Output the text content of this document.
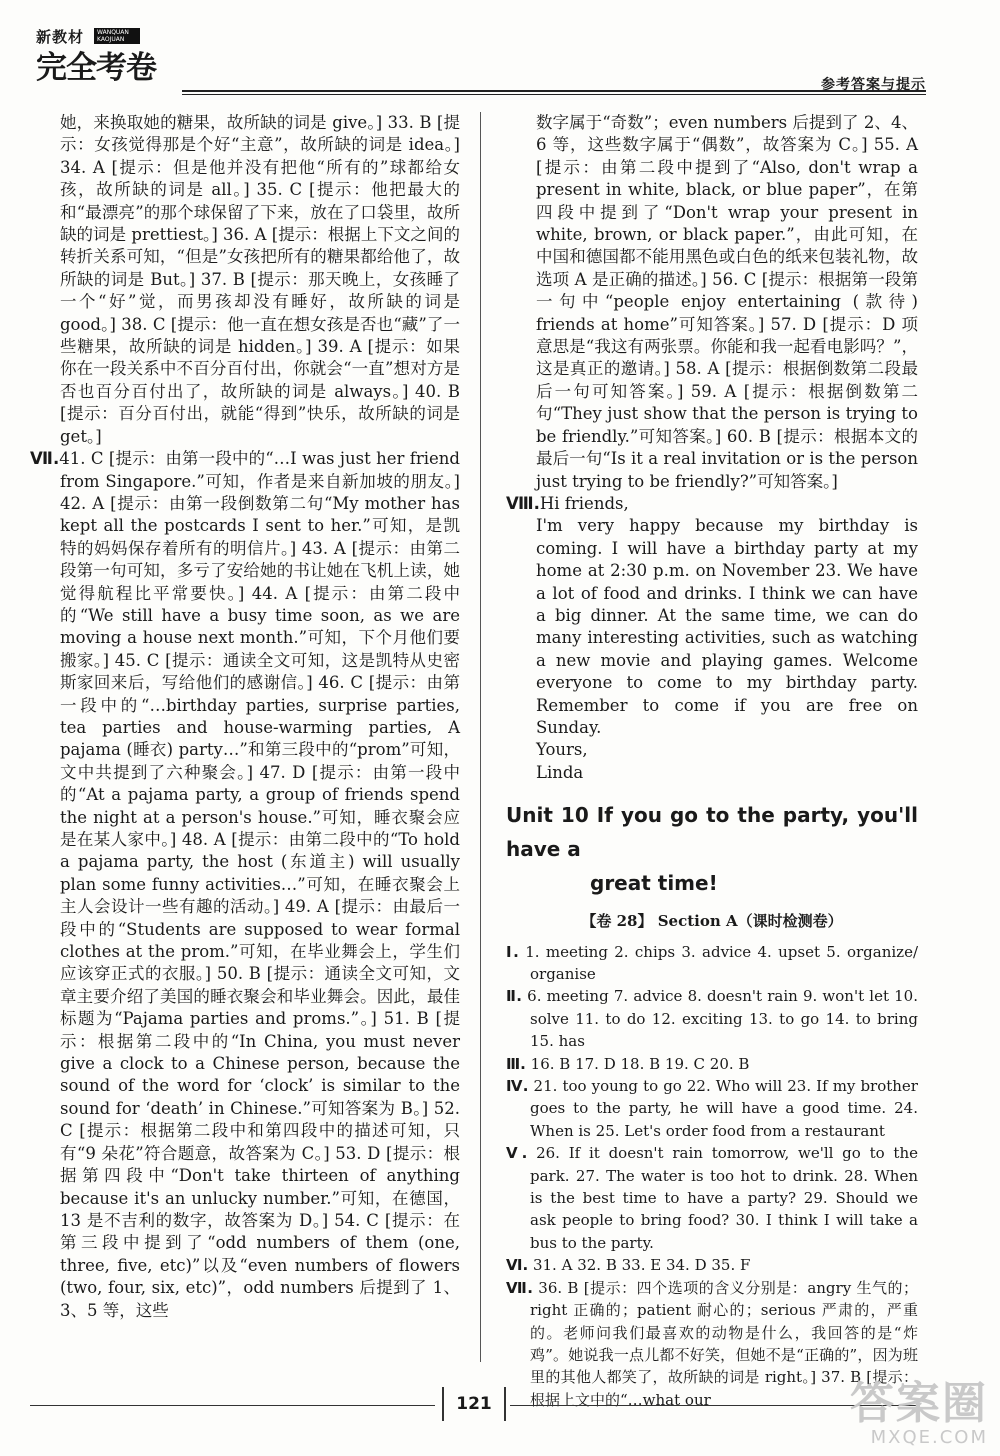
新教材	WANQUAN KAOJUAN
完全考卷	参考答案与提示

她，来换取她的糖果，故所缺的词是 give。] 33. B [提示：女孩觉得那是个好“主意”，故所缺的词是 idea。] 34. A [提示：但是他并没有把他“所有的”球都给女孩，故所缺的词是 all。] 35. C [提示：他把最大的和“最漂亮”的那个球保留了下来，放在了口袋里，故所缺的词是 prettiest。] 36. A [提示：根据上下文之间的转折关系可知，“但是”女孩把所有的糖果都给他了，故所缺的词是 But。] 37. B [提示：那天晚上，女孩睡了一个“好”觉，而男孩却没有睡好，故所缺的词是 good。] 38. C [提示：他一直在想女孩是否也“藏”了一些糖果，故所缺的词是 hidden。] 39. A [提示：如果你在一段关系中不百分百付出，你就会“一直”想对方是否也百分百付出了，故所缺的词是 always。] 40. B [提示：百分百付出，就能“得到”快乐，故所缺的词是 get。]

Ⅶ.41. C [提示：由第一段中的“…I was just her friend from Singapore.”可知，作者是来自新加坡的朋友。] 42. A [提示：由第一段倒数第二句“My mother has kept all the postcards I sent to her.”可知，是凯特的妈妈保存着所有的明信片。] 43. A [提示：由第二段第一句可知，多亏了安给她的书让她在飞机上读，她觉得航程比平常要快。] 44. A [提示：由第二段中的“We still have a busy time soon, as we are moving a house next month.”可知，下个月他们要搬家。] 45. C [提示：通读全文可知，这是凯特从史密斯家回来后，写给他们的感谢信。] 46. C [提示：由第一段中的“…birthday parties, surprise parties, tea parties and house-warming parties, A pajama (睡衣) party…”和第三段中的“prom”可知，文中共提到了六种聚会。] 47. D [提示：由第一段中的“At a pajama party, a group of friends spend the night at a person's house.”可知，睡衣聚会应是在某人家中。] 48. A [提示：由第二段中的“To hold a pajama party, the host (东道主) will usually plan some funny activities…”可知，在睡衣聚会上主人会设计一些有趣的活动。] 49. A [提示：由最后一段中的“Students are supposed to wear formal clothes at the prom.”可知，在毕业舞会上，学生们应该穿正式的衣服。] 50. B [提示：通读全文可知，文章主要介绍了美国的睡衣聚会和毕业舞会。因此，最佳标题为“Pajama parties and proms.”。] 51. B [提示：根据第二段中的“In China, you must never give a clock to a Chinese person, because the sound of the word for ‘clock’ is similar to the sound for ‘death’ in Chinese.”可知答案为 B。] 52. C [提示：根据第二段中和第四段中的描述可知，只有“9 朵花”符合题意，故答案为 C。] 53. D [提示：根据第四段中“Don't take thirteen of anything because it's an unlucky number.”可知，在德国，13 是不吉利的数字，故答案为 D。] 54. C [提示：在第三段中提到了“odd numbers of them (one, three, five, etc)”以及“even numbers of flowers (two, four, six, etc)”，odd numbers 后提到了 1、3、5 等，这些

数字属于“奇数”；even numbers 后提到了 2、4、6 等，这些数字属于“偶数”，故答案为 C。] 55. A [提示：由第二段中提到了“Also, don't wrap a present in white, black, or blue paper”，在第四段中提到了“Don't wrap your present in white, brown, or black paper.”，由此可知，在中国和德国都不能用黑色或白色的纸来包装礼物，故选项 A 是正确的描述。] 56. C [提示：根据第一段第一句中“people enjoy entertaining (款待) friends at home”可知答案。] 57. D [提示：D 项意思是“我这有两张票。你能和我一起看电影吗？”，这是真正的邀请。] 58. A [提示：根据倒数第二段最后一句可知答案。] 59. A [提示：根据倒数第二句“They just show that the person is trying to be friendly.”可知答案。] 60. B [提示：根据本文的最后一句“Is it a real invitation or is the person just trying to be friendly?”可知答案。]

Ⅷ.Hi friends,

I'm very happy because my birthday is coming. I will have a birthday party at my home at 2:30 p.m. on November 23. We have a lot of food and drinks. I think we can have a big dinner. At the same time, we can do many interesting activities, such as watching a new movie and playing games. Welcome everyone to come to my birthday party. Remember to come if you are free on Sunday.

Yours,

Linda

Unit 10 If you go to the party, you'll have a
great time!
【卷 28】 Section A（课时检测卷）

Ⅰ. 1. meeting 2. chips 3. advice 4. upset 5. organize/ organise

Ⅱ. 6. meeting 7. advice 8. doesn't rain 9. won't let 10. solve 11. to do 12. exciting 13. to go 14. to bring 15. has

Ⅲ. 16. B 17. D 18. B 19. C 20. B

Ⅳ. 21. too young to go 22. Who will 23. If my brother goes to the party, he will have a good time. 24. When is 25. Let's order food from a restaurant

Ⅴ. 26. If it doesn't rain tomorrow, we'll go to the park. 27. The water is too hot to drink. 28. When is the best time to have a party? 29. Should we ask people to bring food? 30. I think I will take a bus to the party.

Ⅵ. 31. A 32. B 33. E 34. D 35. F

Ⅶ. 36. B [提示：四个选项的含义分别是：angry 生气的；right 正确的；patient 耐心的；serious 严肃的，严重的。老师问我们最喜欢的动物是什么，我回答的是“炸鸡”。她说我一点儿都不好笑，但她不是“正确的”，因为班里的其他人都笑了，故所缺的词是 right。] 37. B [提示：根据上文中的“…what our

121	答案圈
MXQE.COM
